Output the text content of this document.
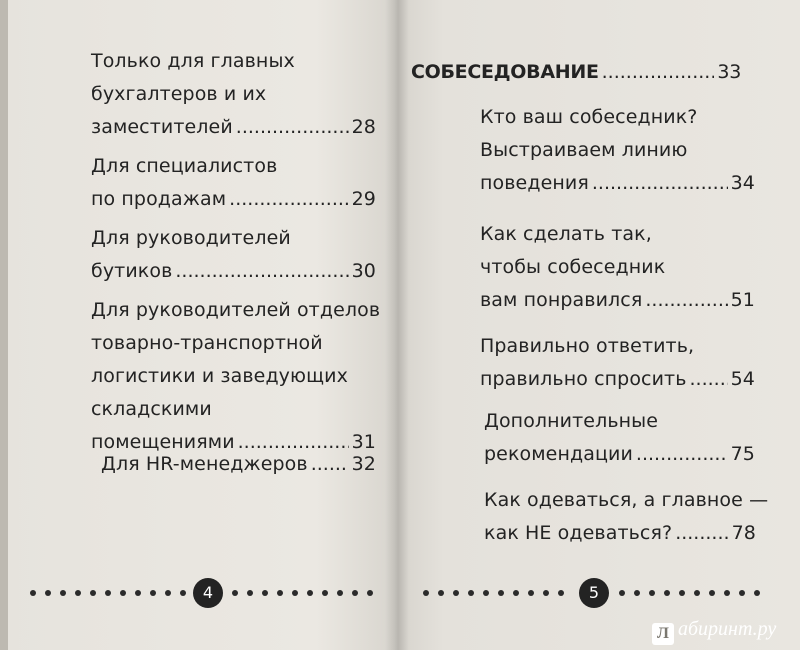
Только для главных
бухгалтеров и их
заместителей .....	28
Для специалистов
по продажам .....	29
Для руководителей
бутиков .....	30
Для руководителей отделов
товарно-транспортной
логистики и заведующих
складскими
помещениями .....	31
Для HR-менеджеров ..... 32
4
СОБЕСЕДОВАНИЕ .....	33
Кто ваш собеседник?
Выстраиваем линию
поведения .....	34
Как сделать так,
чтобы собеседник
вам понравился .....	51
Правильно ответить,
правильно спросить ..... 54
Дополнительные
рекомендации .....	75
Как одеваться, а главное —
как НЕ одеваться? .....	78
5
Л абиринт.ру
